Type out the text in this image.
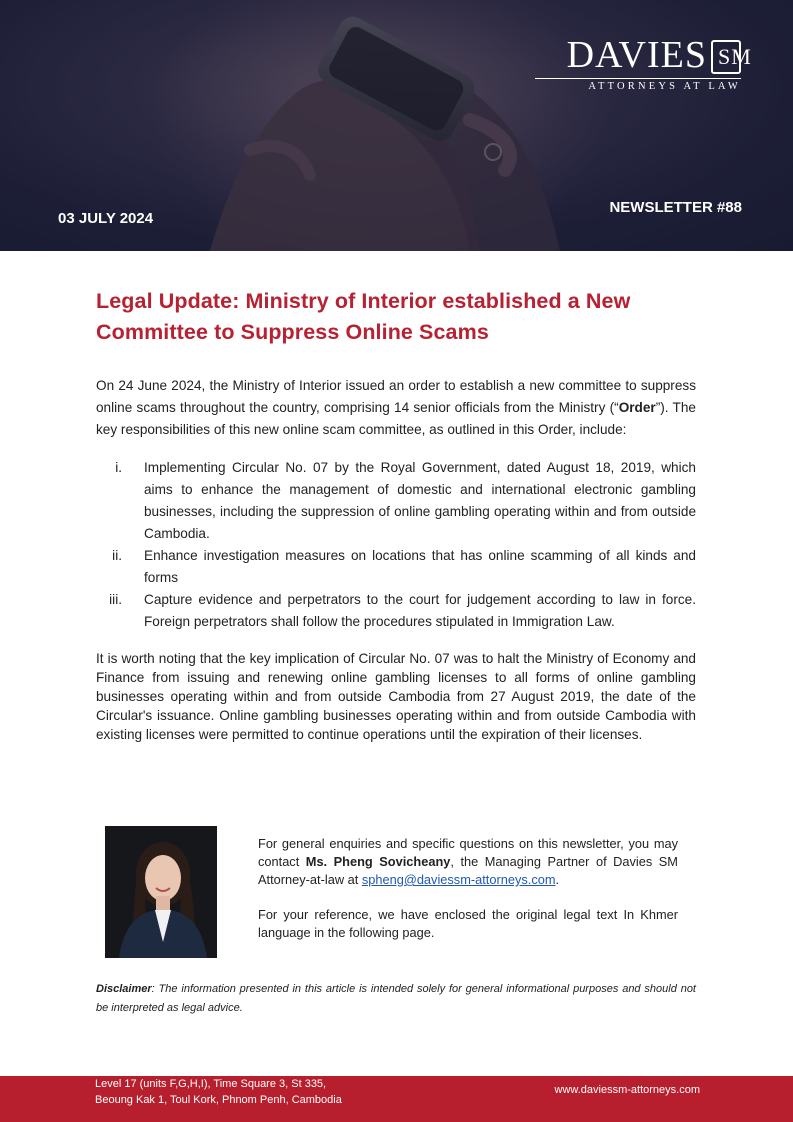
DAVIES SM
ATTORNEYS AT LAW
NEWSLETTER #88
03 JULY 2024
Legal Update: Ministry of Interior established a New Committee to Suppress Online Scams

On 24 June 2024, the Ministry of Interior issued an order to establish a new committee to suppress online scams throughout the country, comprising 14 senior officials from the Ministry (“Order”). The key responsibilities of this new online scam committee, as outlined in this Order, include:

i. Implementing Circular No. 07 by the Royal Government, dated August 18, 2019, which aims to enhance the management of domestic and international electronic gambling businesses, including the suppression of online gambling operating within and from outside Cambodia.
ii. Enhance investigation measures on locations that has online scamming of all kinds and forms
iii. Capture evidence and perpetrators to the court for judgement according to law in force. Foreign perpetrators shall follow the procedures stipulated in Immigration Law.

It is worth noting that the key implication of Circular No. 07 was to halt the Ministry of Economy and Finance from issuing and renewing online gambling licenses to all forms of online gambling businesses operating within and from outside Cambodia from 27 August 2019, the date of the Circular's issuance. Online gambling businesses operating within and from outside Cambodia with existing licenses were permitted to continue operations until the expiration of their licenses.

For general enquiries and specific questions on this newsletter, you may contact Ms. Pheng Sovicheany, the Managing Partner of Davies SM Attorney-at-law at spheng@daviessm-attorneys.com.

For your reference, we have enclosed the original legal text In Khmer language in the following page.

Disclaimer: The information presented in this article is intended solely for general informational purposes and should not be interpreted as legal advice.

Level 17 (units F,G,H,I), Time Square 3, St 335,
Beoung Kak 1, Toul Kork, Phnom Penh, Cambodia
www.daviessm-attorneys.com
